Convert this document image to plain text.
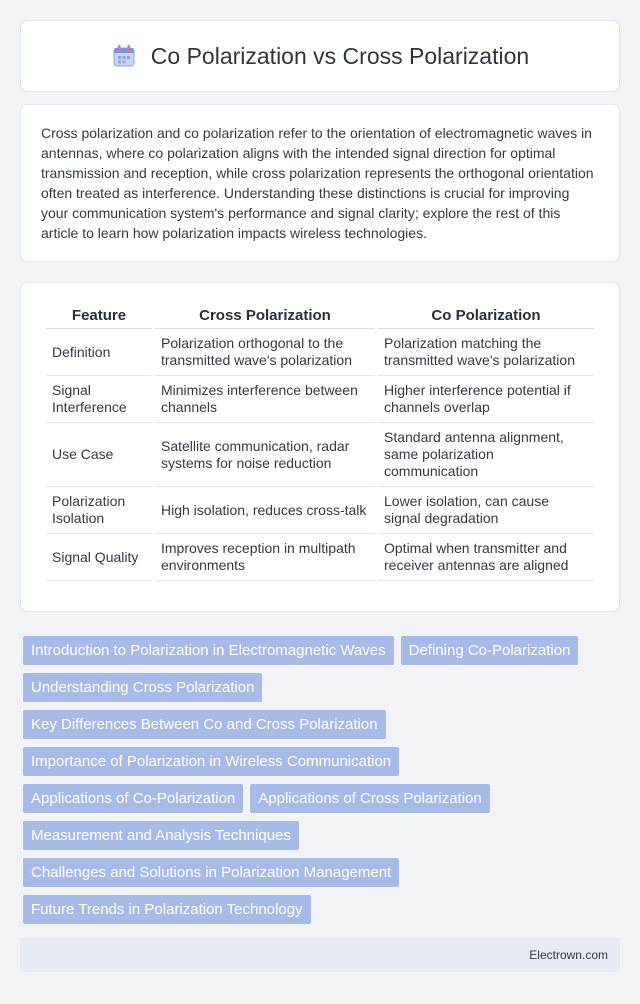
Co Polarization vs Cross Polarization

Cross polarization and co polarization refer to the orientation of electromagnetic waves in antennas, where co polarization aligns with the intended signal direction for optimal transmission and reception, while cross polarization represents the orthogonal orientation often treated as interference. Understanding these distinctions is crucial for improving your communication system's performance and signal clarity; explore the rest of this article to learn how polarization impacts wireless technologies.

Feature	Cross Polarization	Co Polarization
Definition	Polarization orthogonal to the transmitted wave's polarization	Polarization matching the transmitted wave's polarization
Signal Interference	Minimizes interference between channels	Higher interference potential if channels overlap
Use Case	Satellite communication, radar systems for noise reduction	Standard antenna alignment, same polarization communication
Polarization Isolation	High isolation, reduces cross-talk	Lower isolation, can cause signal degradation
Signal Quality	Improves reception in multipath environments	Optimal when transmitter and receiver antennas are aligned
Introduction to Polarization in Electromagnetic Waves	Defining Co-Polarization
Understanding Cross Polarization
Key Differences Between Co and Cross Polarization
Importance of Polarization in Wireless Communication
Applications of Co-Polarization	Applications of Cross Polarization
Measurement and Analysis Techniques
Challenges and Solutions in Polarization Management
Future Trends in Polarization Technology
Electrown.com
